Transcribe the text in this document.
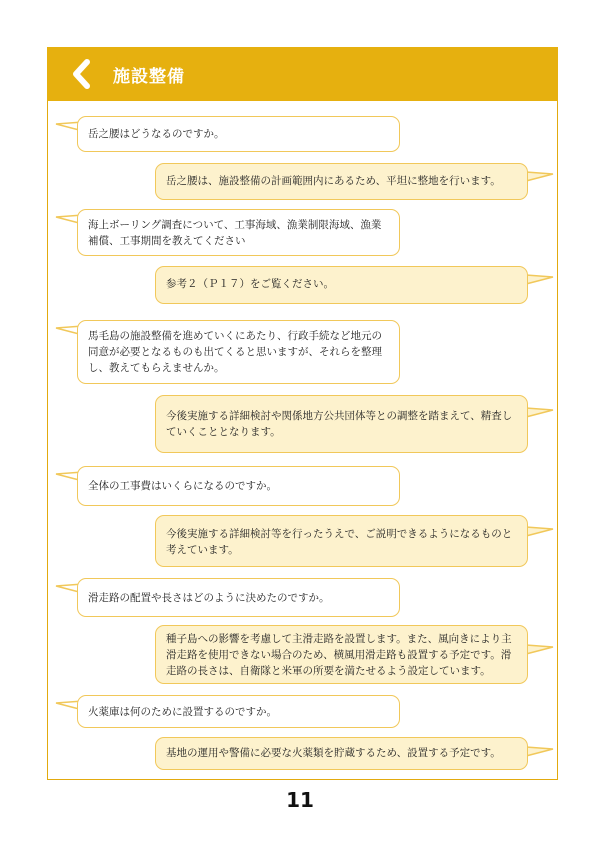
施設整備
岳之腰はどうなるのですか。
岳之腰は、施設整備の計画範囲内にあるため、平坦に整地を行います。
海上ボーリング調査について、工事海域、漁業制限海域、漁業補償、工事期間を教えてください
参考２（Ｐ１７）をご覧ください。
馬毛島の施設整備を進めていくにあたり、行政手続など地元の同意が必要となるものも出てくると思いますが、それらを整理し、教えてもらえませんか。
今後実施する詳細検討や関係地方公共団体等との調整を踏まえて、精査していくこととなります。
全体の工事費はいくらになるのですか。
今後実施する詳細検討等を行ったうえで、ご説明できるようになるものと考えています。
滑走路の配置や長さはどのように決めたのですか。
種子島への影響を考慮して主滑走路を設置します。また、風向きにより主滑走路を使用できない場合のため、横風用滑走路も設置する予定です。滑走路の長さは、自衛隊と米軍の所要を満たせるよう設定しています。
火薬庫は何のために設置するのですか。
基地の運用や警備に必要な火薬類を貯蔵するため、設置する予定です。
11
